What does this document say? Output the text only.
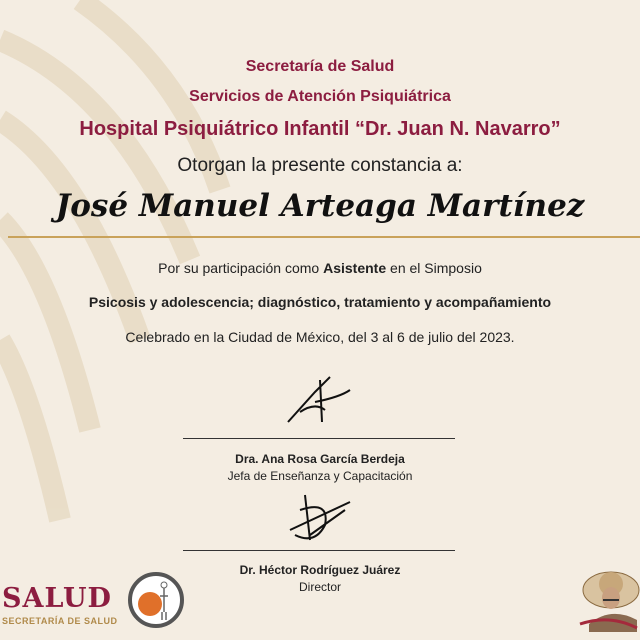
Secretaría de Salud
Servicios de Atención Psiquiátrica
Hospital Psiquiátrico Infantil “Dr. Juan N. Navarro”
Otorgan la presente constancia a:
José Manuel Arteaga Martínez
Por su participación como Asistente en el Simposio
Psicosis y adolescencia; diagnóstico, tratamiento y acompañamiento
Celebrado en la Ciudad de México, del 3 al 6 de julio del 2023.
Dra. Ana Rosa García Berdeja
Jefa de Enseñanza y Capacitación
Dr. Héctor Rodríguez Juárez
Director
SALUD
SECRETARÍA DE SALUD
